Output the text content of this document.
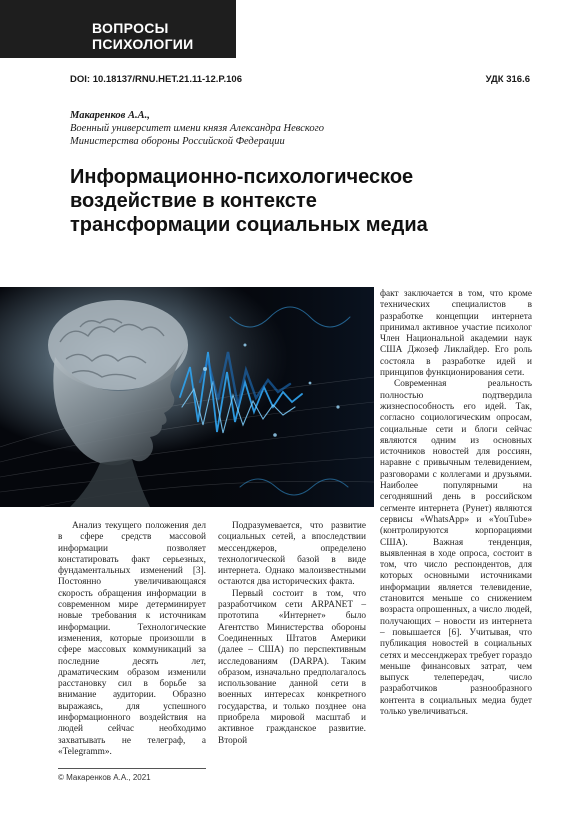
ВОПРОСЫ
ПСИХОЛОГИИ
DOI: 10.18137/RNU.HET.21.11-12.P.106	УДК 316.6
Макаренков А.А.,
Военный университет имени князя Александра Невского
Министерства обороны Российской Федерации
Информационно-психологическое
воздействие в контексте
трансформации социальных медиа

Анализ текущего положения дел в сфере средств массовой информации позволяет констатировать факт серьезных, фундаментальных изменений [3]. Постоянно увеличивающаяся скорость обращения информации в современном мире детерминирует новые требования к источникам информации. Технологические изменения, которые произошли в сфере массовых коммуникаций за последние десять лет, драматическим образом изменили расстановку сил в борьбе за внимание аудитории. Образно выражаясь, для успешного информационного воздействия на людей сейчас необходимо захватывать не телеграф, а «Telegramm».

Подразумевается, что развитие социальных сетей, а впоследствии мессенджеров, определено технологической базой в виде интернета. Однако малоизвестными остаются два исторических факта.

Первый состоит в том, что разработчиком сети ARPANET – прототипа «Интернет» было Агентство Министерства обороны Соединенных Штатов Америки (далее – США) по перспективным исследованиям (DARPA). Таким образом, изначально предполагалось использование данной сети в военных интересах конкретного государства, и только позднее она приобрела мировой масштаб и активное гражданское развитие. Второй

факт заключается в том, что кроме технических специалистов в разработке концепции интернета принимал активное участие психолог Член Национальной академии наук США Джозеф Ликлайдер. Его роль состояла в разработке идей и принципов функционирования сети.

Современная реальность полностью подтвердила жизнеспособность его идей. Так, согласно социологическим опросам, социальные сети и блоги сейчас являются одним из основных источников новостей для россиян, наравне с привычным телевидением, разговорами с коллегами и друзьями. Наиболее популярными на сегодняшний день в российском сегменте интернета (Рунет) являются сервисы «WhatsApp» и «YouTube» (контролируются корпорациями США). Важная тенденция, выявленная в ходе опроса, состоит в том, что число респондентов, для которых основными источниками информации является телевидение, становится меньше со снижением возраста опрошенных, а число людей, получающих – новости из интернета – повышается [6]. Учитывая, что публикация новостей в социальных сетях и мессенджерах требует гораздо меньше финансовых затрат, чем выпуск телепередач, число разработчиков разнообразного контента в социальных медиа будет только увеличиваться.

© Макаренков А.А., 2021
